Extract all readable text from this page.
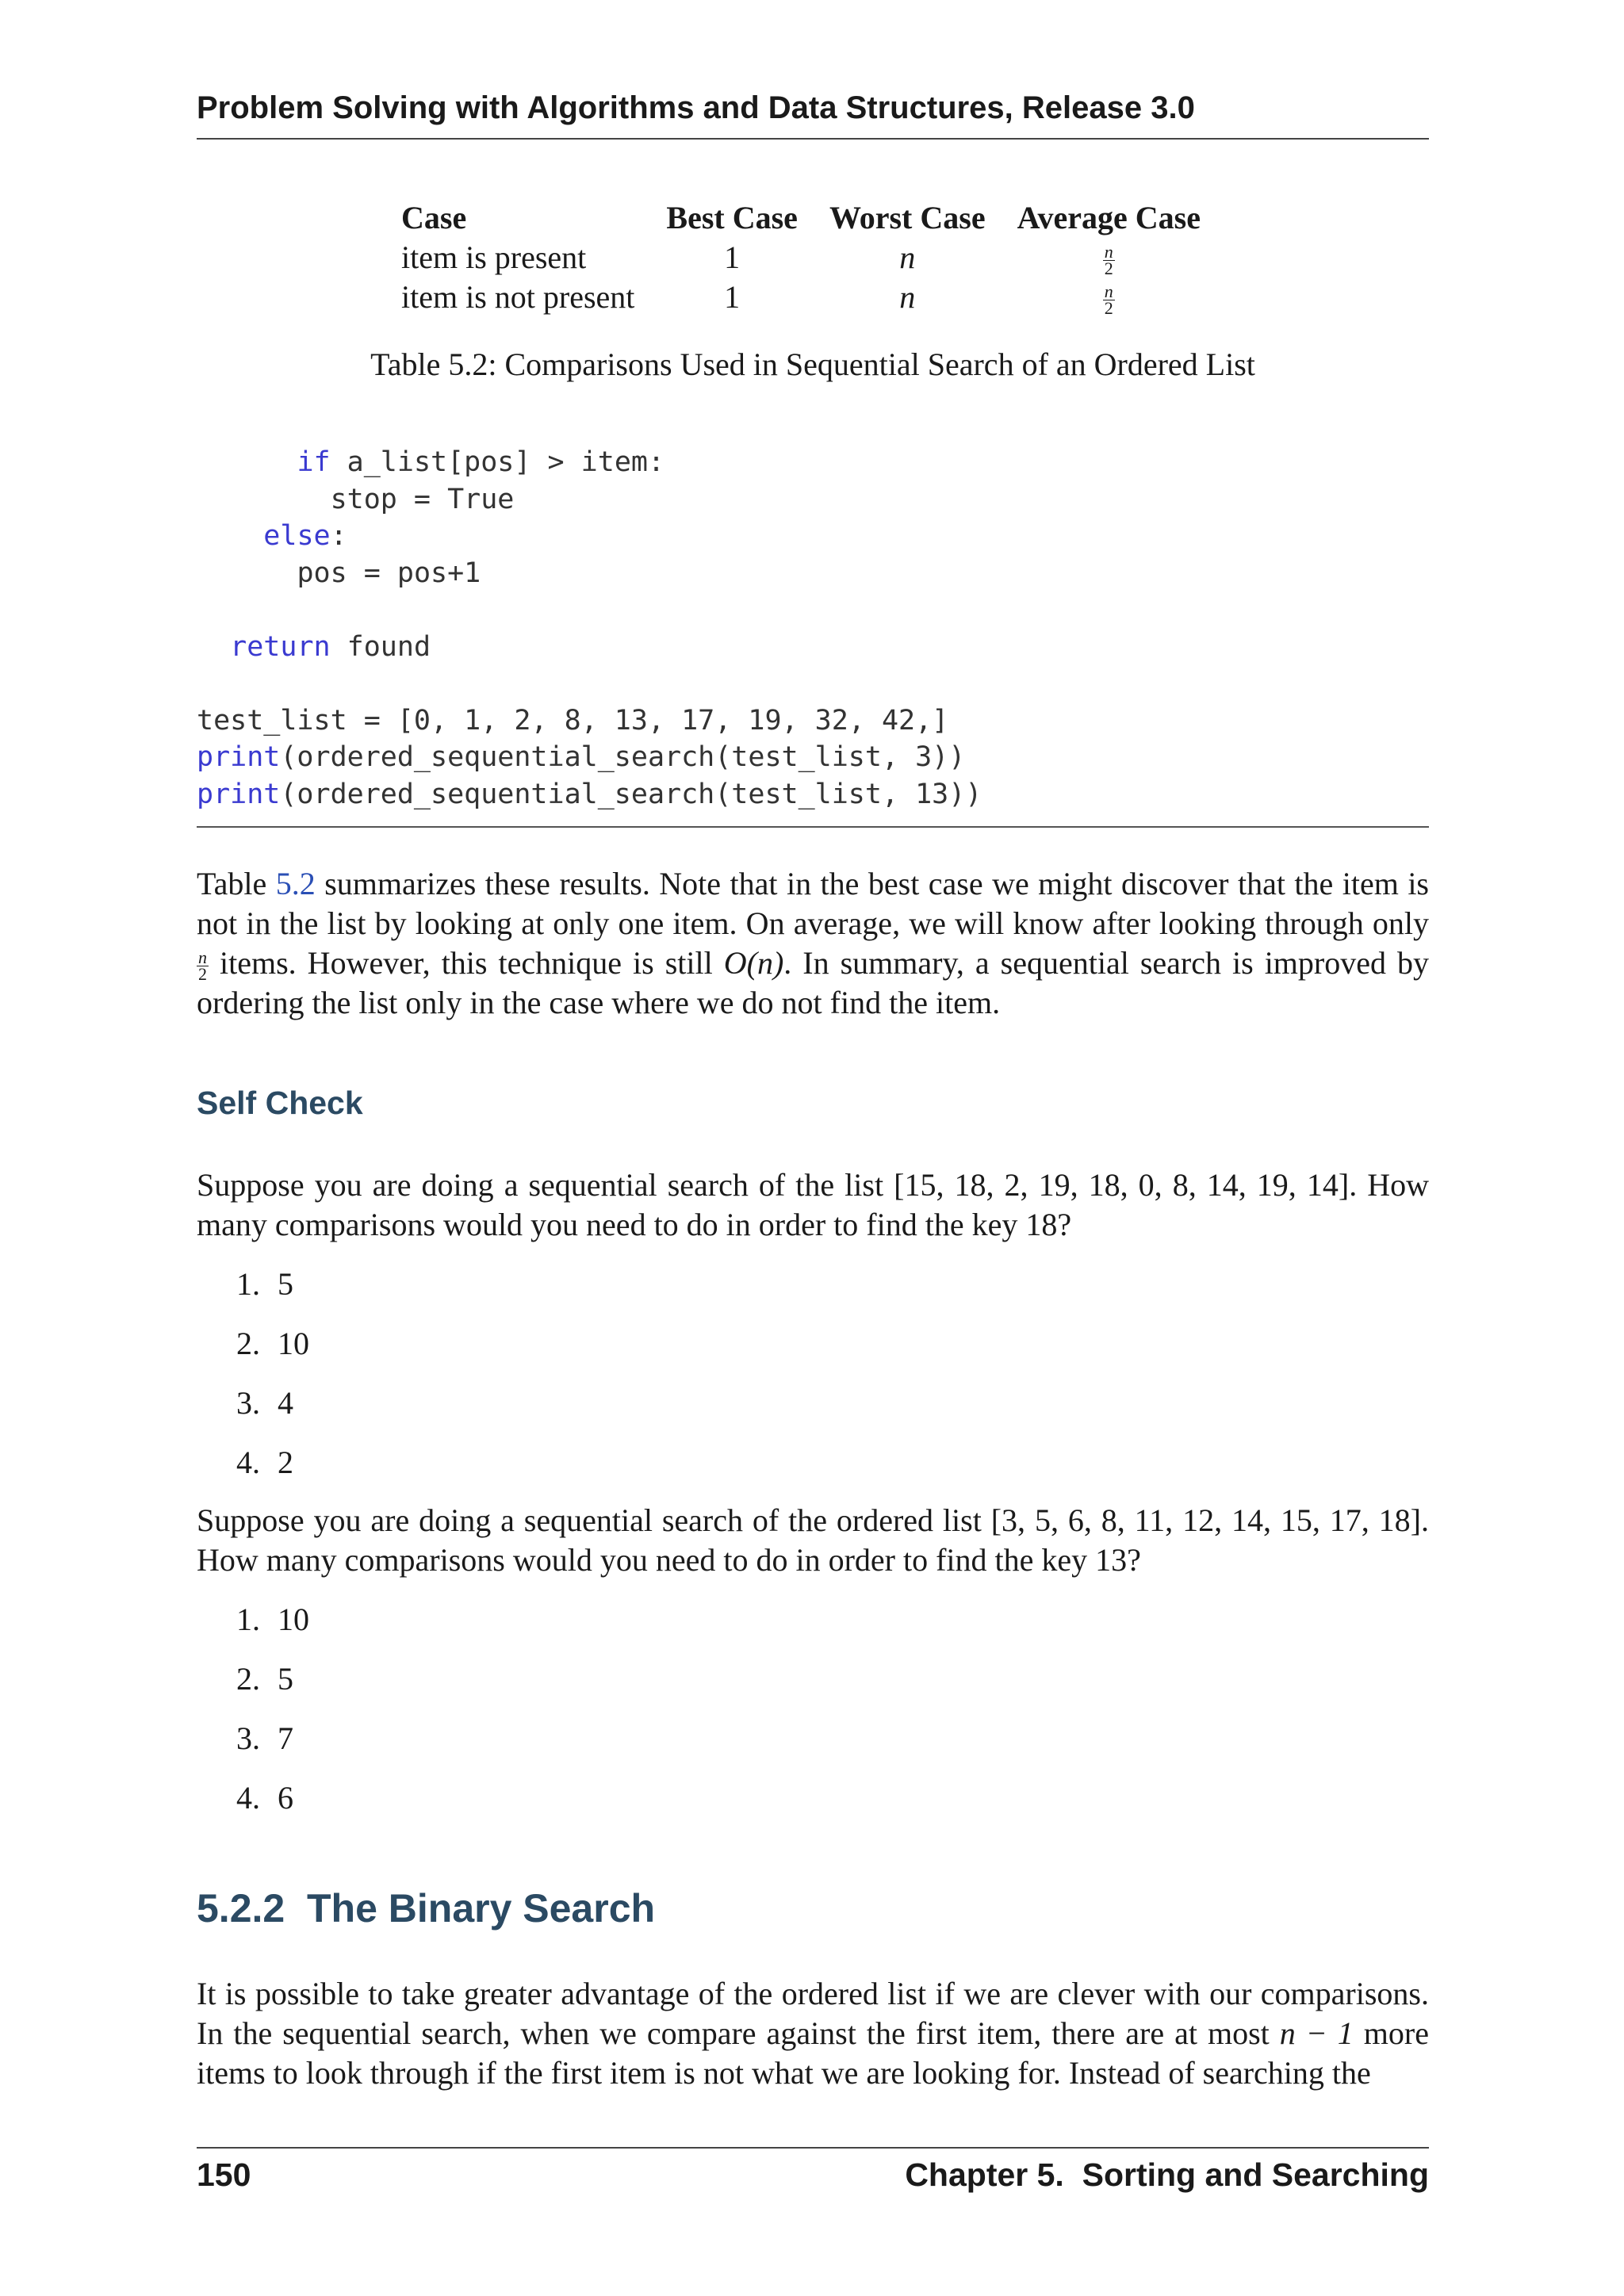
Problem Solving with Algorithms and Data Structures, Release 3.0
Case	Best Case	Worst Case	Average Case
item is present	1	n	$\frac{n}{2}$

item is not present	1	n	$\frac{n}{2}$
Table 5.2: Comparisons Used in Sequential Search of an Ordered List
if a_list[pos] > item:
stop = True
else:
pos = pos+1

return found

test_list = [0, 1, 2, 8, 13, 17, 19, 32, 42,]
print(ordered_sequential_search(test_list, 3))
print(ordered_sequential_search(test_list, 13))

Table 5.2 summarizes these results. Note that in the best case we might discover that the item is not in the list by looking at only one item. On average, we will know after looking through only
$\frac{n}{2}$ items. However, this technique is still O(n). In summary, a sequential search is improved by ordering the list only in the case where we do not find the item.

Self Check

Suppose you are doing a sequential search of the list [15, 18, 2, 19, 18, 0, 8, 14, 19, 14]. How many comparisons would you need to do in order to find the key 18?

1. 5
2. 10
3. 4
4. 2

Suppose you are doing a sequential search of the ordered list [3, 5, 6, 8, 11, 12, 14, 15, 17, 18]. How many comparisons would you need to do in order to find the key 13?

1. 10
2. 5
3. 7
4. 6
5.2.2  The Binary Search

It is possible to take greater advantage of the ordered list if we are clever with our comparisons. In the sequential search, when we compare against the first item, there are at most n − 1 more items to look through if the first item is not what we are looking for. Instead of searching the

150	Chapter 5.  Sorting and Searching
